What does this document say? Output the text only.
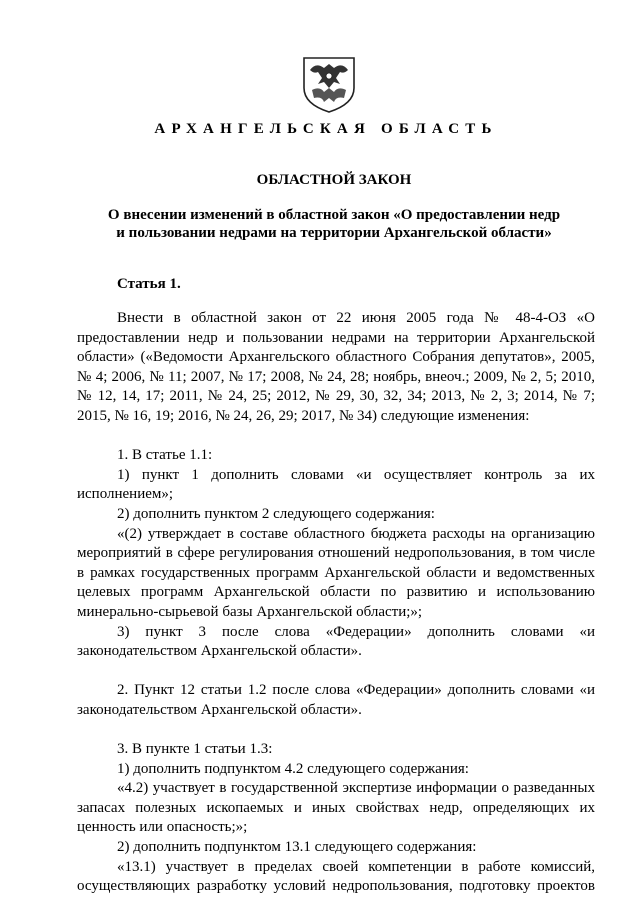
АРХАНГЕЛЬСКАЯ ОБЛАСТЬ
ОБЛАСТНОЙ ЗАКОН
О внесении изменений в областной закон «О предоставлении недр
и пользовании недрами на территории Архангельской области»
Статья 1.

Внести в областной закон от 22 июня 2005 года № 48-4-ОЗ «О предоставлении недр и пользовании недрами на территории Архангельской области» («Ведомости Архангельского областного Собрания депутатов», 2005, № 4; 2006, № 11; 2007, № 17; 2008, № 24, 28; ноябрь, внеоч.; 2009, № 2, 5; 2010, № 12, 14, 17; 2011, № 24, 25; 2012, № 29, 30, 32, 34; 2013, № 2, 3; 2014, № 7; 2015, № 16, 19; 2016, № 24, 26, 29; 2017, № 34) следующие изменения:

1. В статье 1.1:

1) пункт 1 дополнить словами «и осуществляет контроль за их исполнением»;

2) дополнить пунктом 2 следующего содержания:

«(2) утверждает в составе областного бюджета расходы на организацию мероприятий в сфере регулирования отношений недропользования, в том числе в рамках государственных программ Архангельской области и ведомственных целевых программ Архангельской области по развитию и использованию минерально-сырьевой базы Архангельской области;»;

3) пункт 3 после слова «Федерации» дополнить словами «и законодательством Архангельской области».

2. Пункт 12 статьи 1.2 после слова «Федерации» дополнить словами «и законодательством Архангельской области».

3. В пункте 1 статьи 1.3:

1) дополнить подпунктом 4.2 следующего содержания:

«4.2) участвует в государственной экспертизе информации о разведанных запасах полезных ископаемых и иных свойствах недр, определяющих их ценность или опасность;»;

2) дополнить подпунктом 13.1 следующего содержания:

«13.1) участвует в пределах своей компетенции в работе комиссий, осуществляющих разработку условий недропользования, подготовку проектов
